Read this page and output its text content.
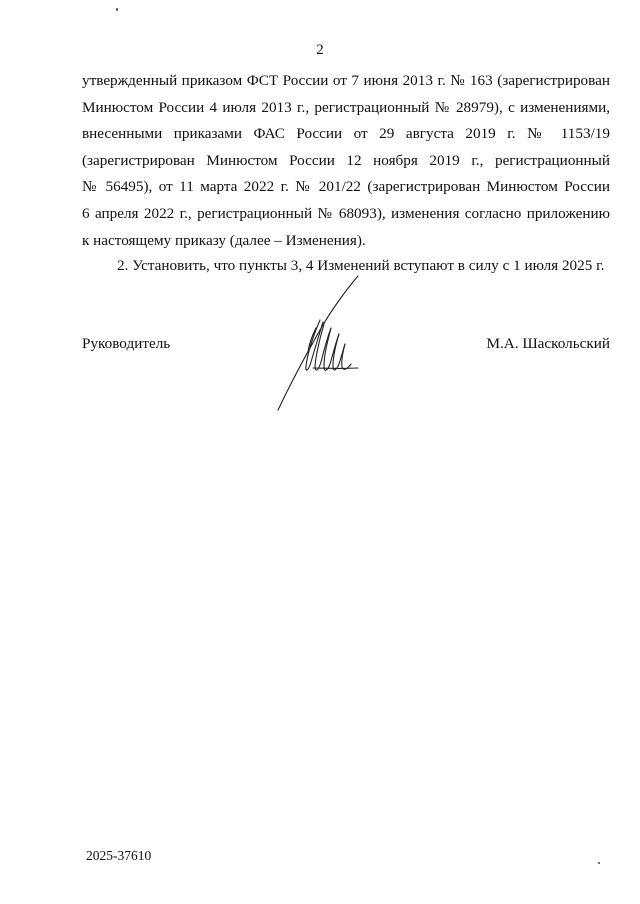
2
утвержденный приказом ФСТ России от 7 июня 2013 г. № 163 (зарегистрирован
Минюстом России 4 июля 2013 г., регистрационный № 28979), с изменениями,
внесенными приказами ФАС России от 29 августа 2019 г. № 1153/19
(зарегистрирован Минюстом России 12 ноября 2019 г., регистрационный
№ 56495), от 11 марта 2022 г. № 201/22 (зарегистрирован Минюстом России
6 апреля 2022 г., регистрационный № 68093), изменения согласно приложению
к настоящему приказу (далее – Изменения).
2. Установить, что пункты 3, 4 Изменений вступают в силу с 1 июля 2025 г.
Руководитель	М.А. Шаскольский
2025-37610
